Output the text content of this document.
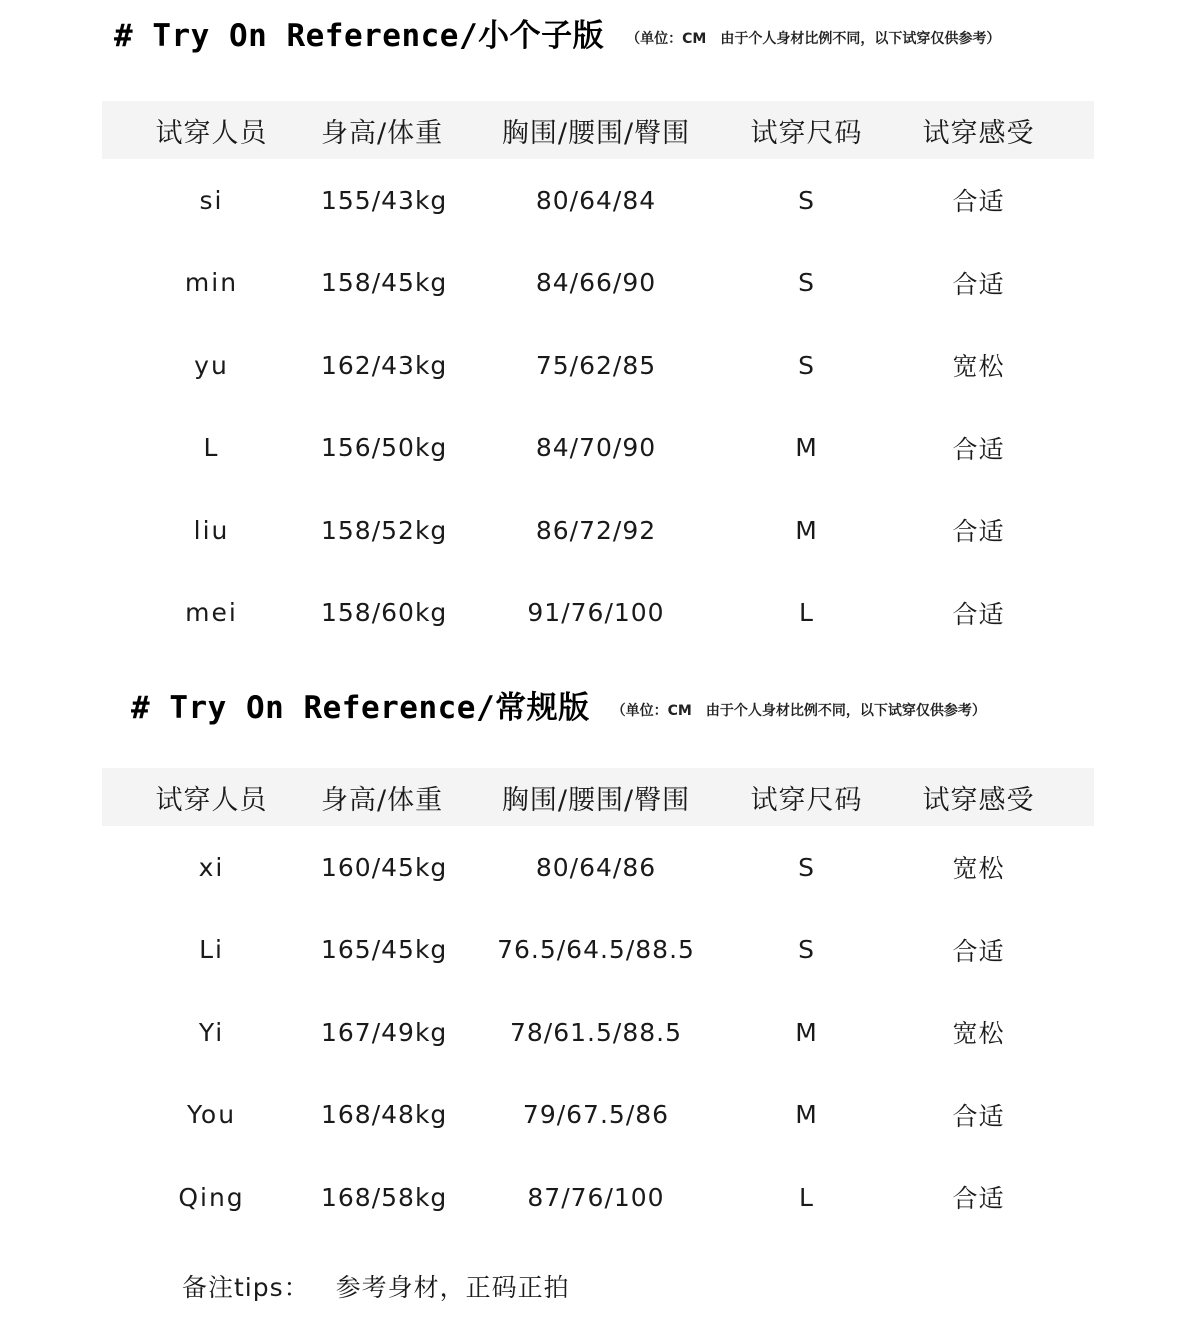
# Try On Reference/小个子版 （单位：CM　由于个人身材比例不同，以下试穿仅供参考）
试穿人员	身高/体重	胸围/腰围/臀围	试穿尺码	试穿感受
si	155/43kg	80/64/84	S	合适
min	158/45kg	84/66/90	S	合适
yu	162/43kg	75/62/85	S	宽松
L	156/50kg	84/70/90	M	合适
liu	158/52kg	86/72/92	M	合适
mei	158/60kg	91/76/100	L	合适
# Try On Reference/常规版 （单位：CM　由于个人身材比例不同，以下试穿仅供参考）
试穿人员	身高/体重	胸围/腰围/臀围	试穿尺码	试穿感受
xi	160/45kg	80/64/86	S	宽松
Li	165/45kg	76.5/64.5/88.5	S	合适
Yi	167/49kg	78/61.5/88.5	M	宽松
You	168/48kg	79/67.5/86	M	合适
Qing	168/58kg	87/76/100	L	合适
备注tips： 参考身材，正码正拍
